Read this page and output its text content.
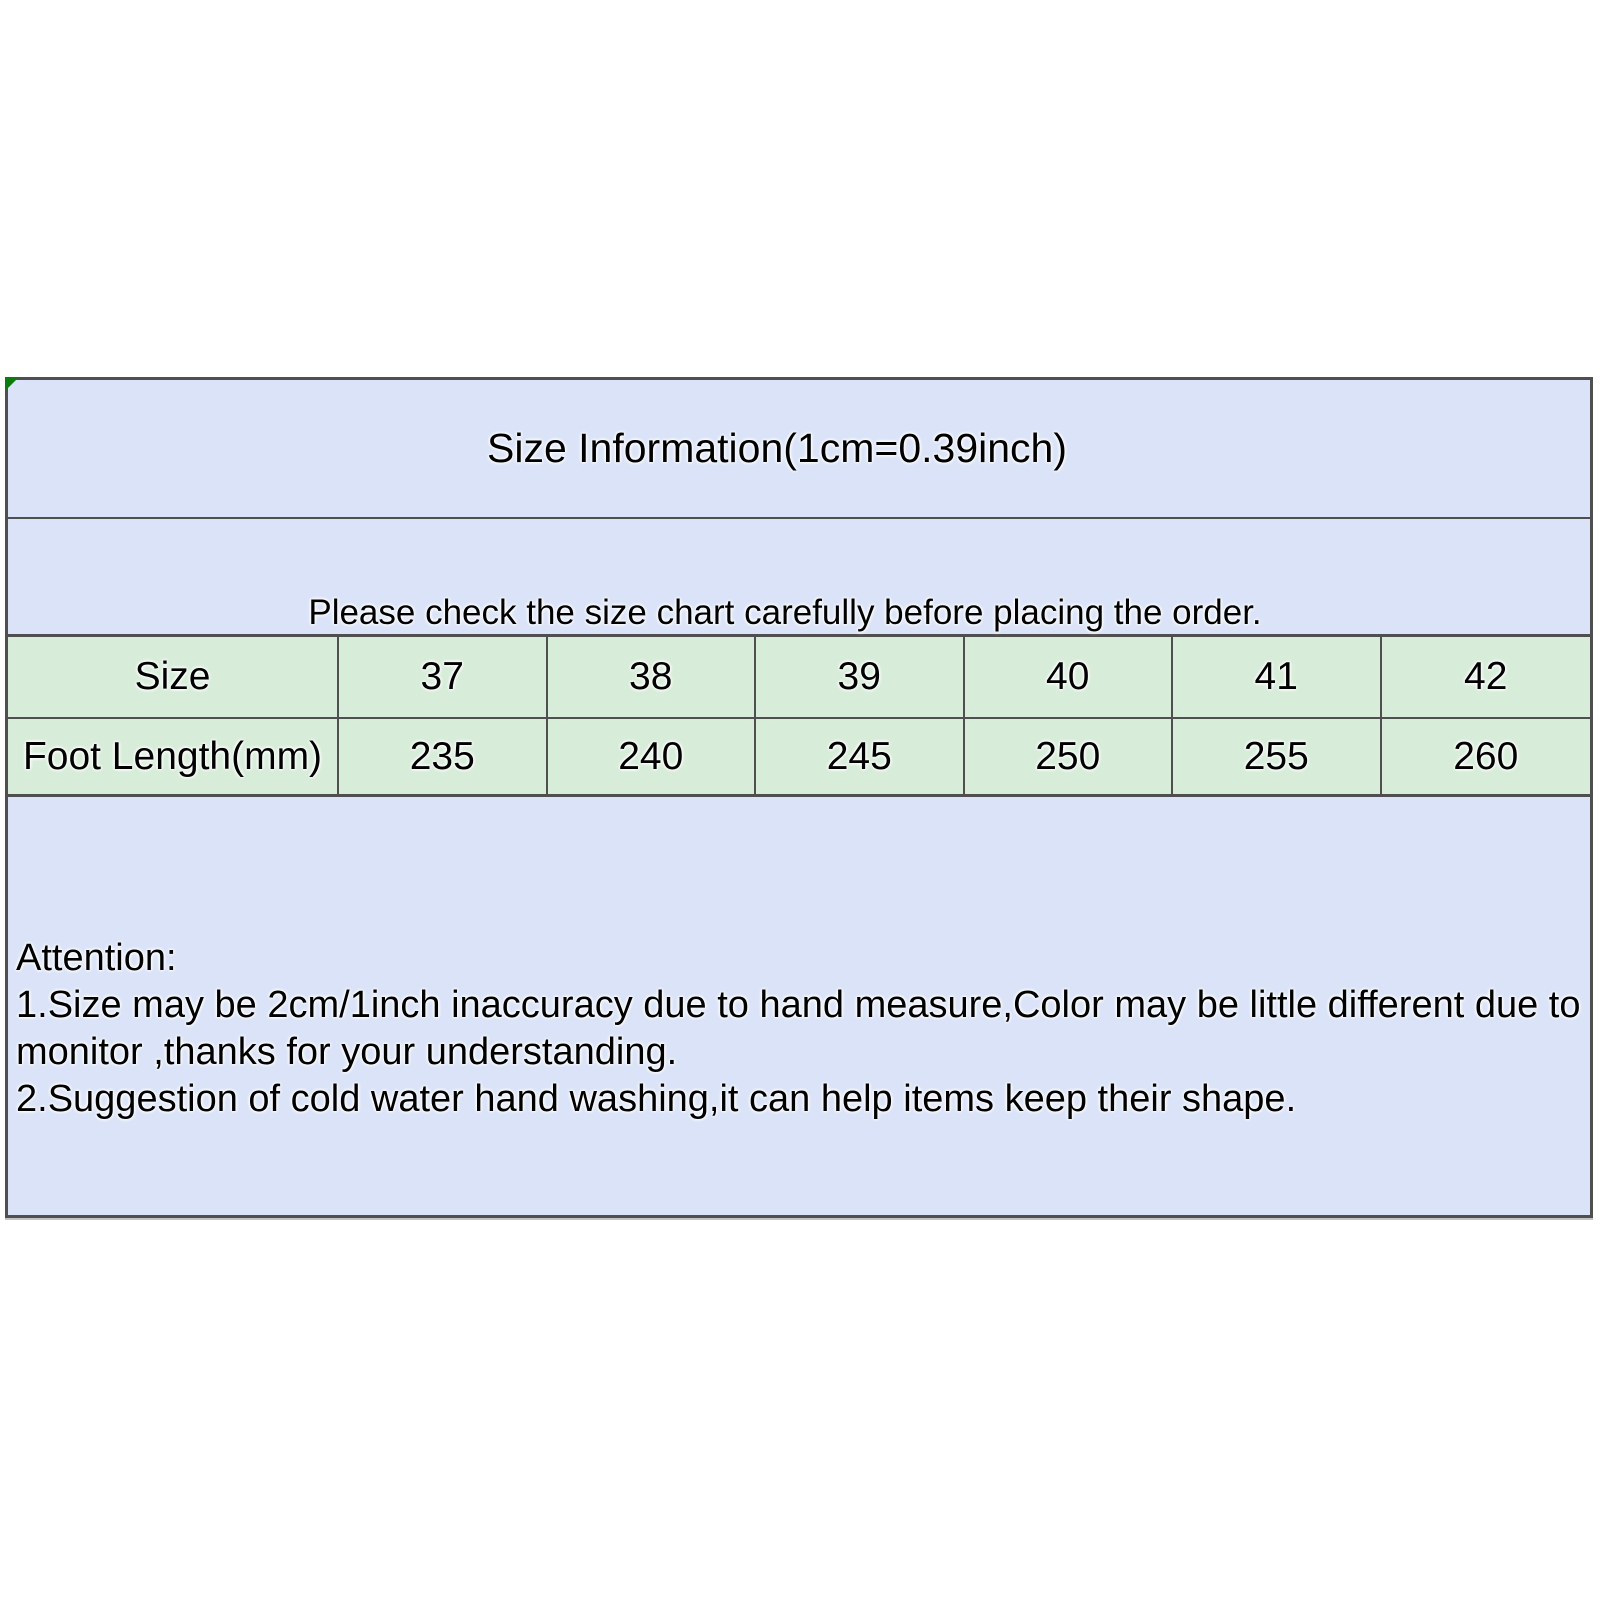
Size Information(1cm=0.39inch)
Please check the size chart carefully before placing the order.
Size	37	38	39	40	41	42
Foot Length(mm)	235	240	245	250	255	260
Attention:
1.Size may be 2cm/1inch inaccuracy due to hand measure,Color may be little different due to
monitor ,thanks for your understanding.
2.Suggestion of cold water hand washing,it can help items keep their shape.
